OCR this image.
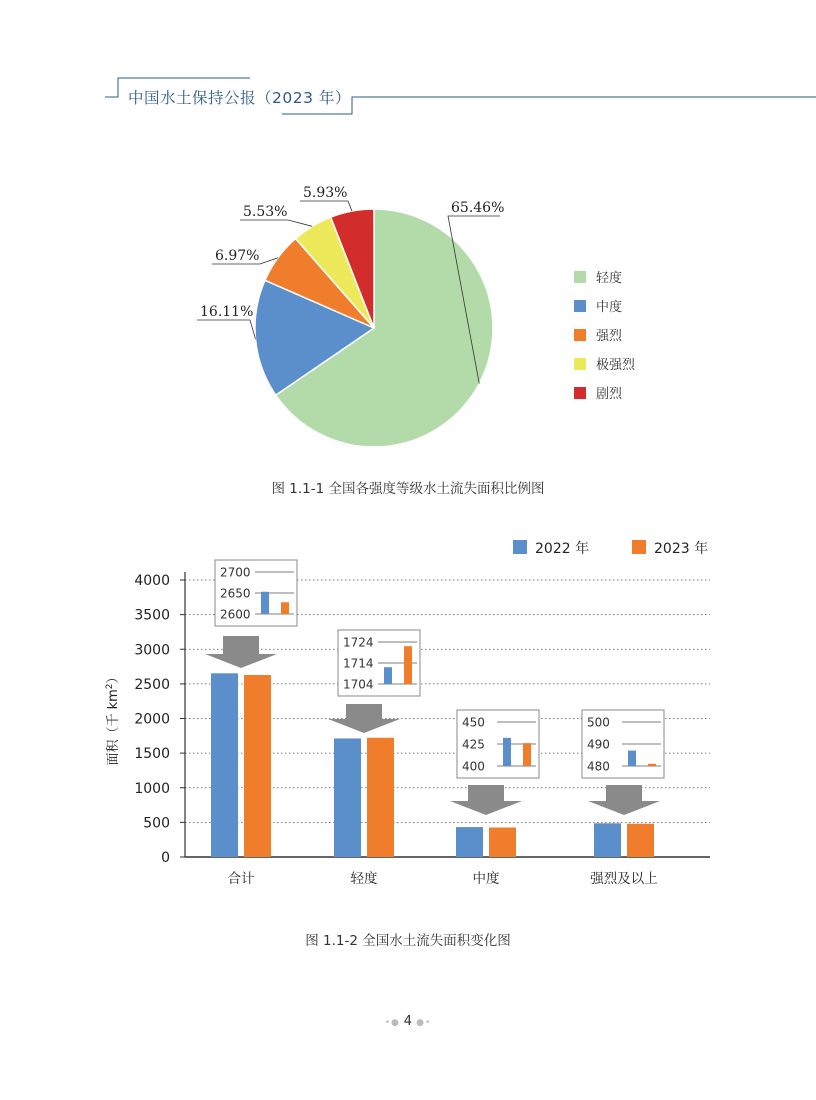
中国水土保持公报（2023 年）
65.46%
16.11%
6.97%
5.53%
5.93%
轻度
中度
强烈
极强烈
剧烈
图 1.1-1 全国各强度等级水土流失面积比例图
0
500
1000
1500
2000
2500
3000
3500
4000
面积（千 $km^2$）
2022 年	2023 年
合计
2700
2650
2600
轻度
1724
1714
1704
中度
450
425
400
强烈及以上
500
490
480
图 1.1-2 全国水土流失面积变化图
•● 4 ●•
